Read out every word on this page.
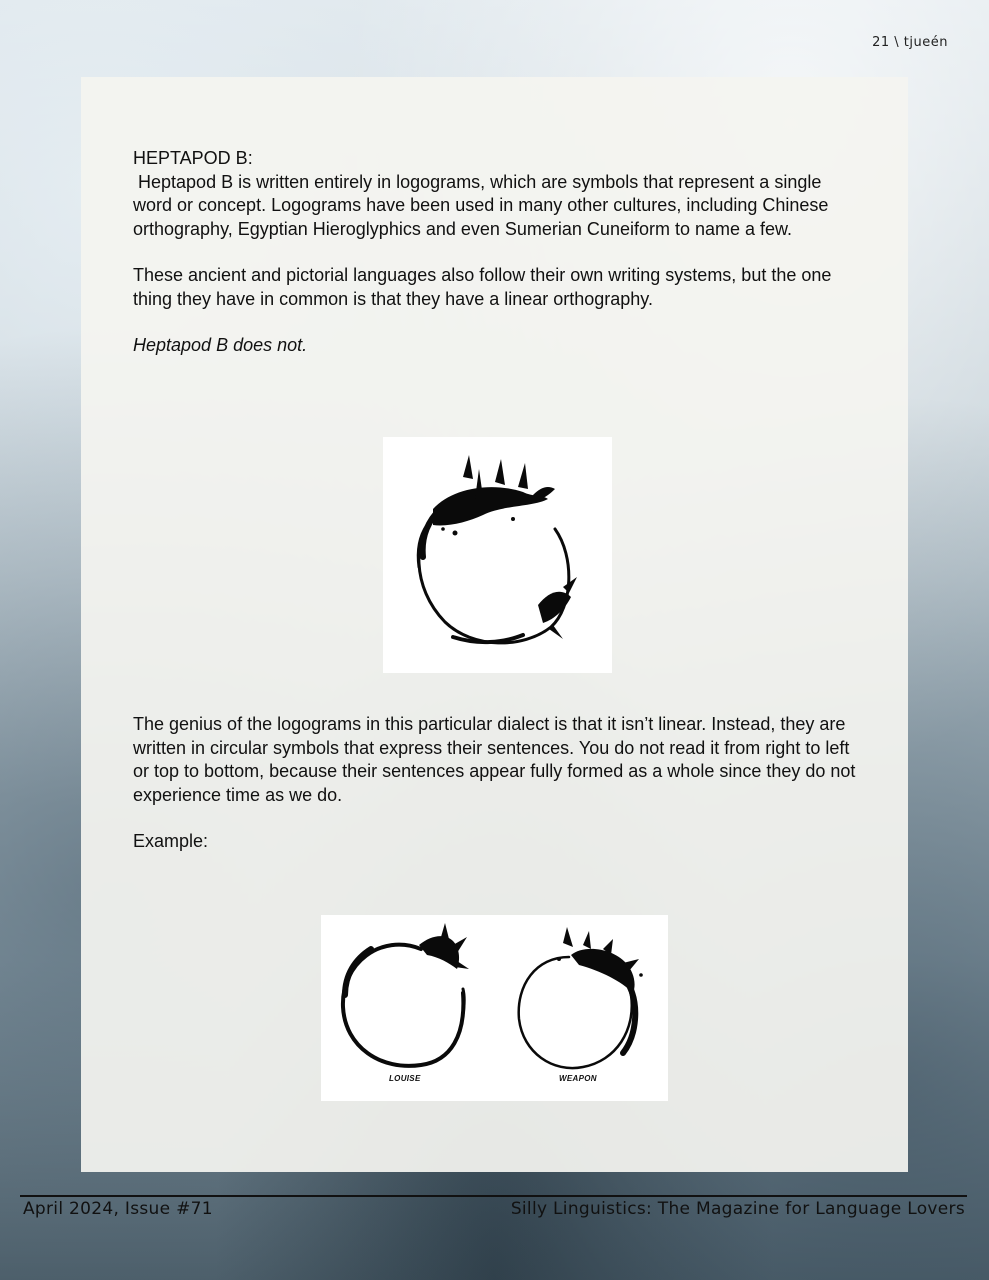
21 \ tjueén

HEPTAPOD B:

Heptapod B is written entirely in logograms, which are symbols that represent a single word or concept. Logograms have been used in many other cultures, including Chinese orthography, Egyptian Hieroglyphics and even Sumerian Cuneiform to name a few.

These ancient and pictorial languages also follow their own writing systems, but the one thing they have in common is that they have a linear orthography.

Heptapod B does not.

The genius of the logograms in this particular dialect is that it isn’t linear. Instead, they are written in circular symbols that express their sentences. You do not read it from right to left or top to bottom, because their sentences appear fully formed as a whole since they do not experience time as we do.

Example:

LOUISE	WEAPON
April 2024, Issue #71	Silly Linguistics: The Magazine for Language Lovers
